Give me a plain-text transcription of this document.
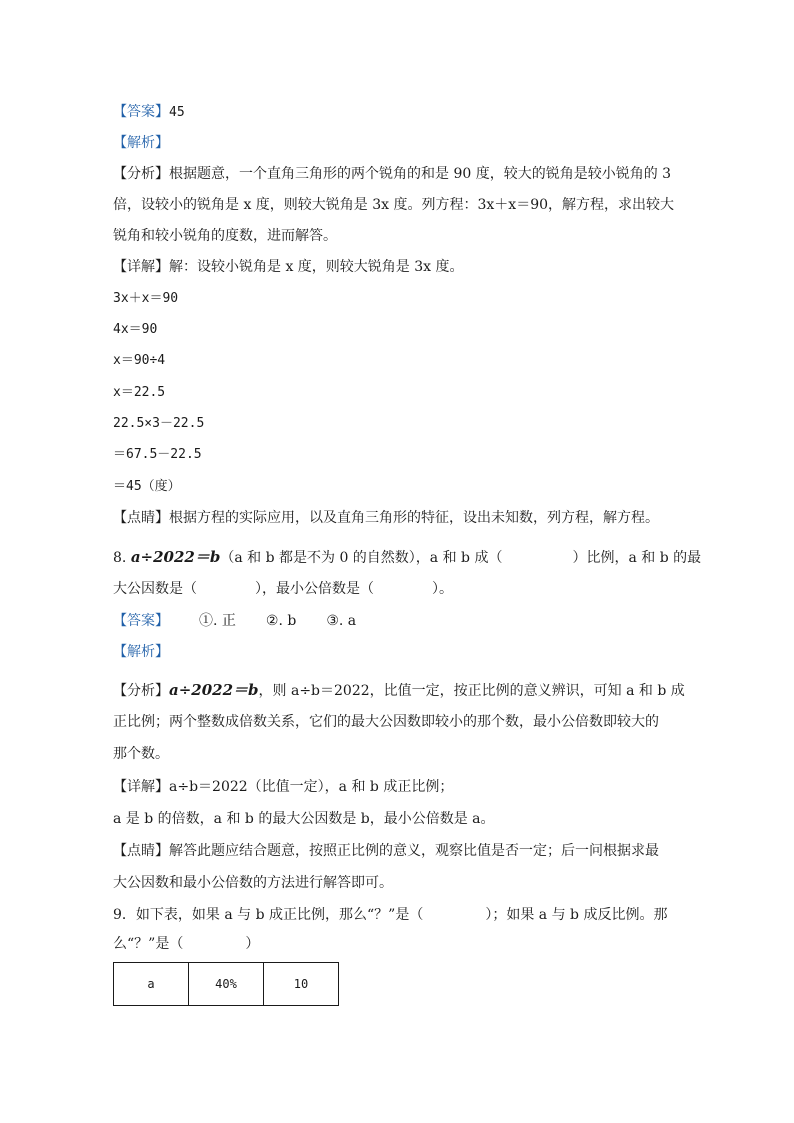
【答案】45
【解析】
【分析】根据题意，一个直角三角形的两个锐角的和是 90 度，较大的锐角是较小锐角的 3
倍，设较小的锐角是 x 度，则较大锐角是 3x 度。列方程：3x＋x＝90，解方程，求出较大
锐角和较小锐角的度数，进而解答。
【详解】解：设较小锐角是 x 度，则较大锐角是 3x 度。
3x＋x＝90
4x＝90
x＝90÷4
x＝22.5
22.5×3－22.5
＝67.5－22.5
＝45（度）
【点睛】根据方程的实际应用，以及直角三角形的特征，设出未知数，列方程，解方程。
8. a÷2022＝b（a 和 b 都是不为 0 的自然数），a 和 b 成（	）比例，a 和 b 的最
大公因数是（	），最小公倍数是（	）。
【答案】 ①. 正 ②. b ③. a
【解析】
【分析】a÷2022＝b，则 a÷b＝2022，比值一定，按正比例的意义辨识，可知 a 和 b 成
正比例；两个整数成倍数关系，它们的最大公因数即较小的那个数，最小公倍数即较大的
那个数。
【详解】a÷b＝2022（比值一定），a 和 b 成正比例；
a 是 b 的倍数，a 和 b 的最大公因数是 b，最小公倍数是 a。
【点睛】解答此题应结合题意，按照正比例的意义，观察比值是否一定；后一问根据求最
大公因数和最小公倍数的方法进行解答即可。
9．如下表，如果 a 与 b 成正比例，那么“？”是（	）；如果 a 与 b 成反比例。那
么“？”是（	）
a	40%	10
